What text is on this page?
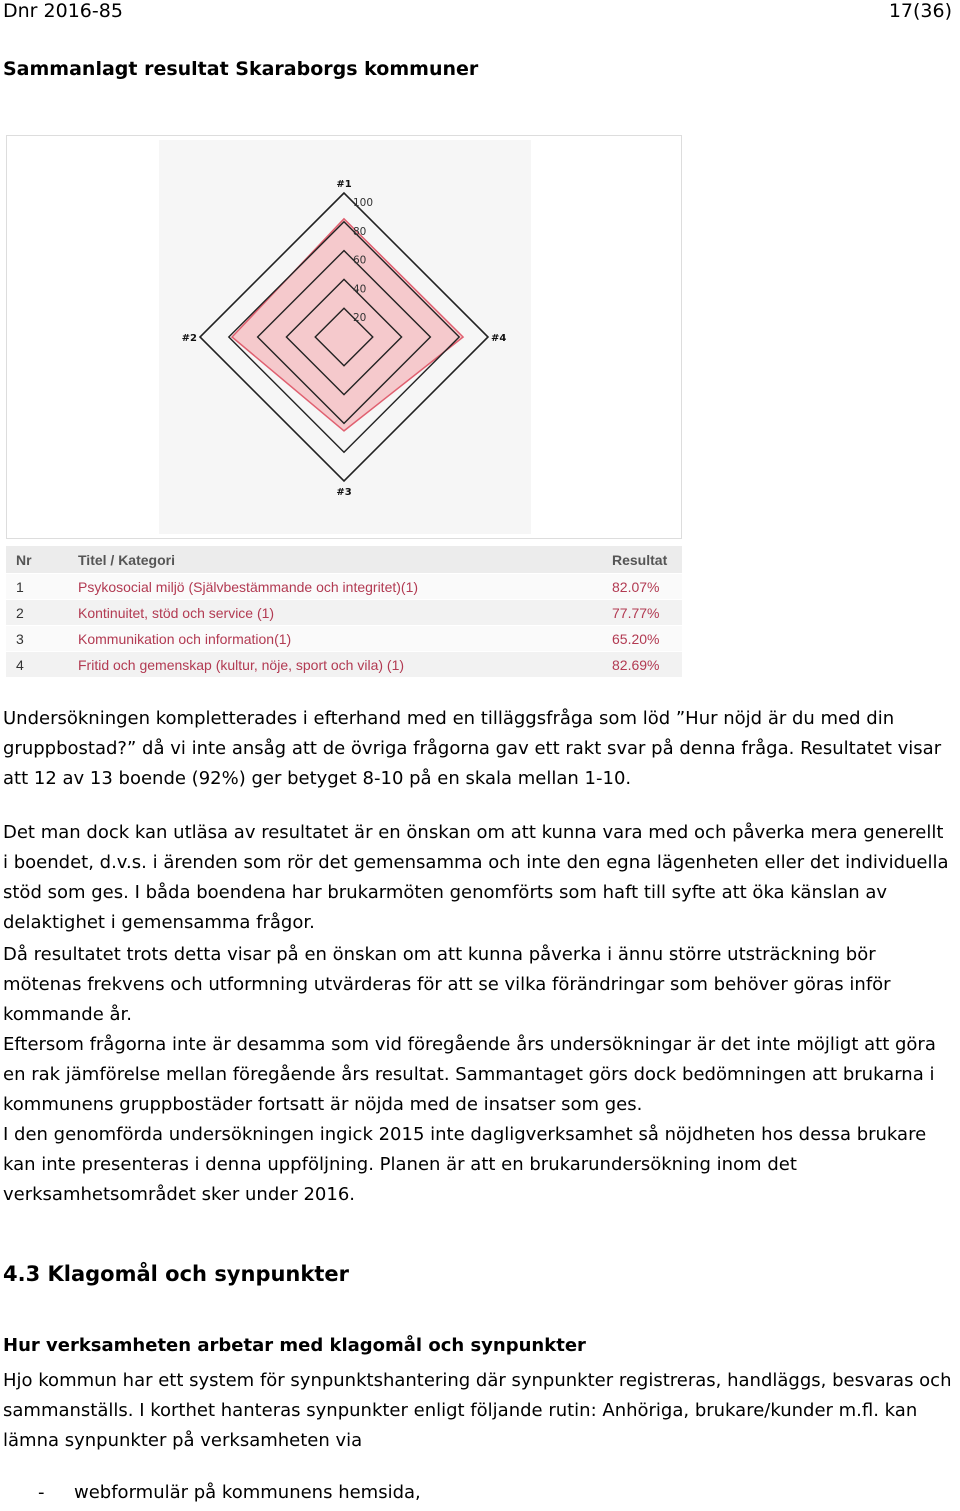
Dnr 2016-85	17(36)
Sammanlagt resultat Skaraborgs kommuner
20
40
60
80
100
#1
#2
#3
#4
Nr	Titel / Kategori	Resultat
1	Psykosocial miljö (Självbestämmande och integritet)(1)	82.07%
2	Kontinuitet, stöd och service (1)	77.77%
3	Kommunikation och information(1)	65.20%
4	Fritid och gemenskap (kultur, nöje, sport och vila) (1)	82.69%
Undersökningen kompletterades i efterhand med en tilläggsfråga som löd ”Hur nöjd är du med din gruppbostad?” då vi inte ansåg att de övriga frågorna gav ett rakt svar på denna fråga. Resultatet visar att 12 av 13 boende (92%) ger betyget 8-10 på en skala mellan 1-10.
Det man dock kan utläsa av resultatet är en önskan om att kunna vara med och påverka mera generellt i boendet, d.v.s. i ärenden som rör det gemensamma och inte den egna lägenheten eller det individuella stöd som ges. I båda boendena har brukarmöten genomförts som haft till syfte att öka känslan av delaktighet i gemensamma frågor.
Då resultatet trots detta visar på en önskan om att kunna påverka i ännu större utsträckning bör mötenas frekvens och utformning utvärderas för att se vilka förändringar som behöver göras inför kommande år.
Eftersom frågorna inte är desamma som vid föregående års undersökningar är det inte möjligt att göra en rak jämförelse mellan föregående års resultat. Sammantaget görs dock bedömningen att brukarna i kommunens gruppbostäder fortsatt är nöjda med de insatser som ges.
I den genomförda undersökningen ingick 2015 inte dagligverksamhet så nöjdheten hos dessa brukare kan inte presenteras i denna uppföljning. Planen är att en brukarundersökning inom det verksamhetsområdet sker under 2016.
4.3 Klagomål och synpunkter
Hur verksamheten arbetar med klagomål och synpunkter
Hjo kommun har ett system för synpunktshantering där synpunkter registreras, handläggs, besvaras och sammanställs. I korthet hanteras synpunkter enligt följande rutin: Anhöriga, brukare/kunder m.fl. kan lämna synpunkter på verksamheten via
- webformulär på kommunens hemsida,
